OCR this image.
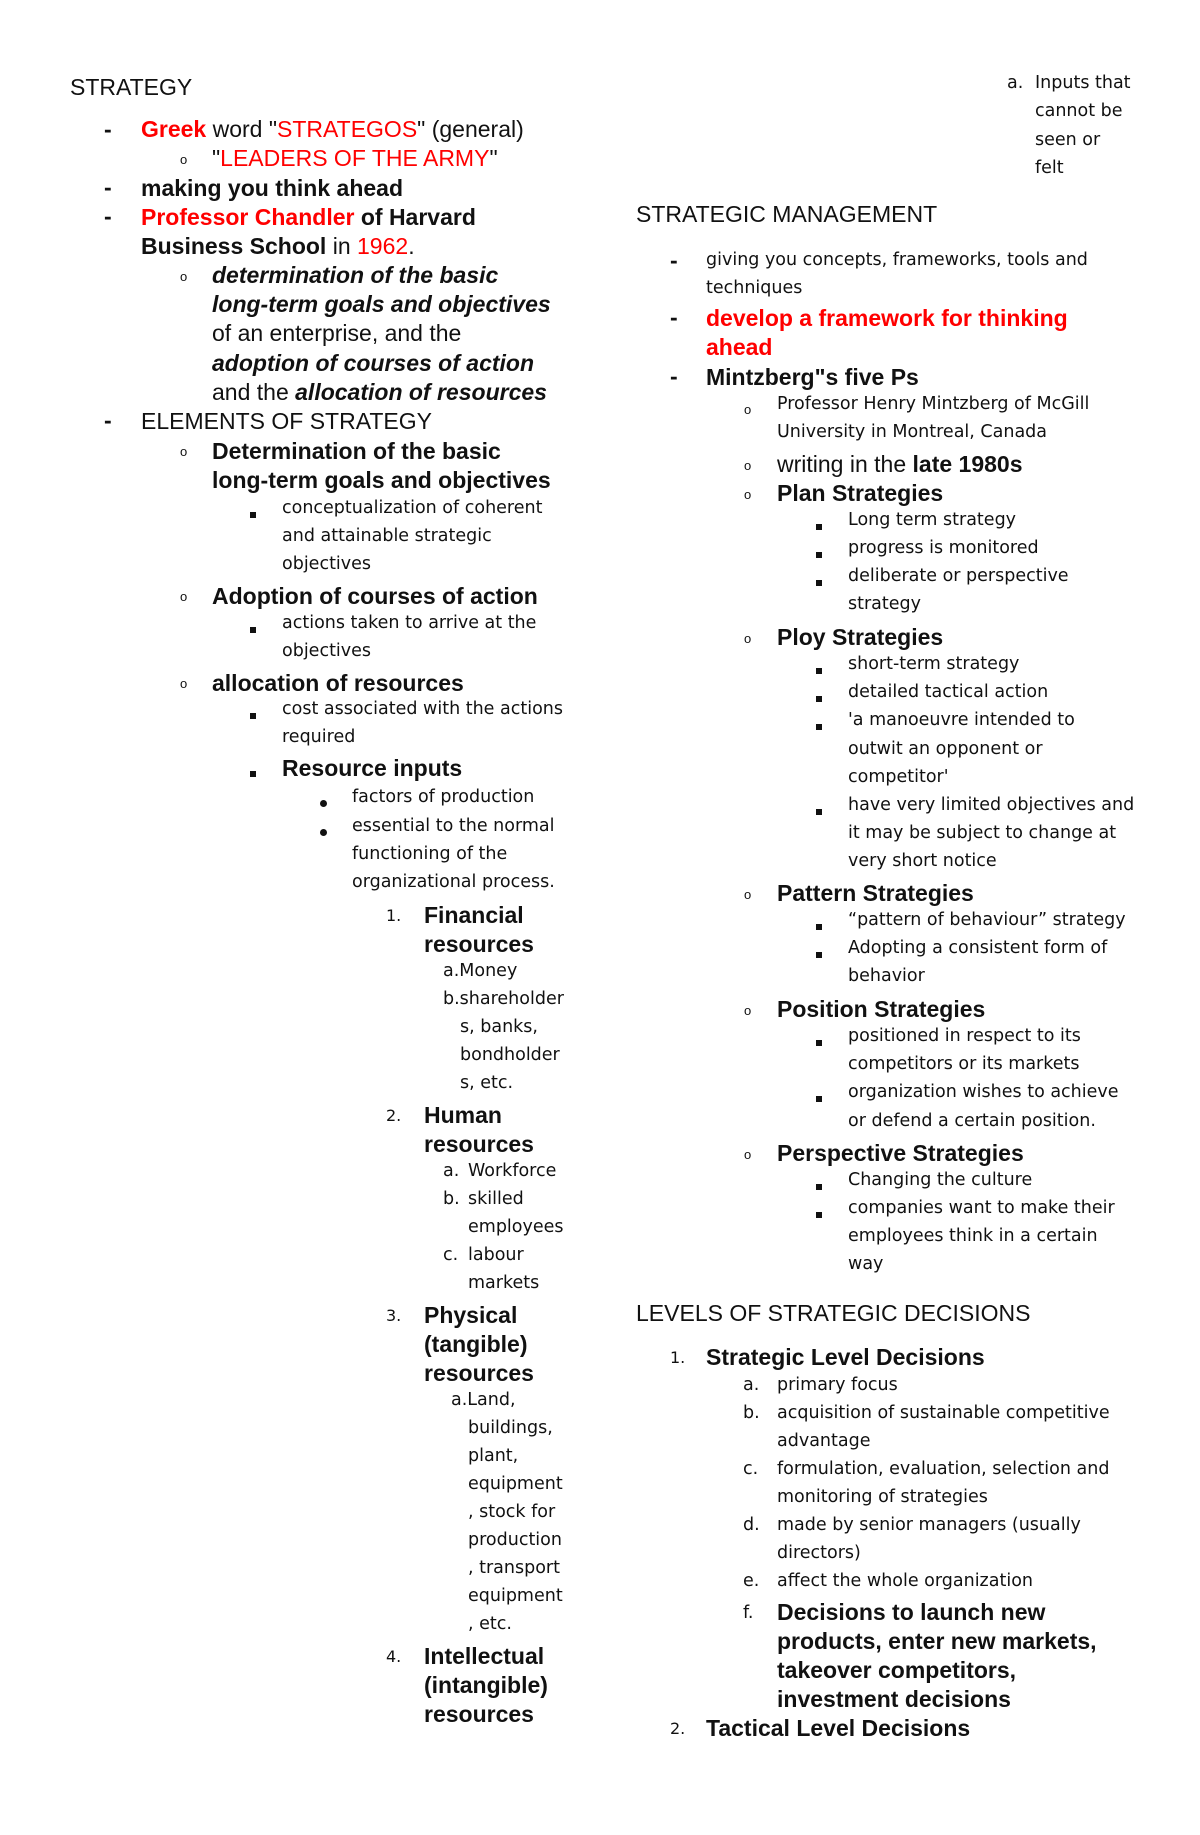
STRATEGY
- Greek word "STRATEGOS" (general)
o "LEADERS OF THE ARMY"
- making you think ahead
- Professor Chandler of Harvard
Business School in 1962.
o determination of the basic
long-term goals and objectives
of an enterprise, and the
adoption of courses of action
and the allocation of resources
- ELEMENTS OF STRATEGY
o Determination of the basic
long-term goals and objectives
conceptualization of coherent
and attainable strategic
objectives
o Adoption of courses of action
actions taken to arrive at the
objectives
o allocation of resources
cost associated with the actions
required
Resource inputs
factors of production
essential to the normal
functioning of the
organizational process.
1. Financial
resources
a.Money
b.shareholder
s, banks,
bondholder
s, etc.
2. Human
resources
a. Workforce
b. skilled
employees
c. labour
markets
3. Physical
(tangible)
resources
a.Land,
buildings,
plant,
equipment
, stock for
production
, transport
equipment
, etc.
4. Intellectual
(intangible)
resources
a. Inputs that
cannot be
seen or
felt
STRATEGIC MANAGEMENT
- giving you concepts, frameworks, tools and
techniques
- develop a framework for thinking
ahead
- Mintzberg"s five Ps
o Professor Henry Mintzberg of McGill
University in Montreal, Canada
o writing in the late 1980s
o Plan Strategies
Long term strategy
progress is monitored
deliberate or perspective
strategy
o Ploy Strategies
short-term strategy
detailed tactical action
'a manoeuvre intended to
outwit an opponent or
competitor'
have very limited objectives and
it may be subject to change at
very short notice
o Pattern Strategies
“pattern of behaviour” strategy
Adopting a consistent form of
behavior
o Position Strategies
positioned in respect to its
competitors or its markets
organization wishes to achieve
or defend a certain position.
o Perspective Strategies
Changing the culture
companies want to make their
employees think in a certain
way
LEVELS OF STRATEGIC DECISIONS
1. Strategic Level Decisions
a. primary focus
b. acquisition of sustainable competitive
advantage
c. formulation, evaluation, selection and
monitoring of strategies
d. made by senior managers (usually
directors)
e. affect the whole organization
f. Decisions to launch new
products, enter new markets,
takeover competitors,
investment decisions
2. Tactical Level Decisions
